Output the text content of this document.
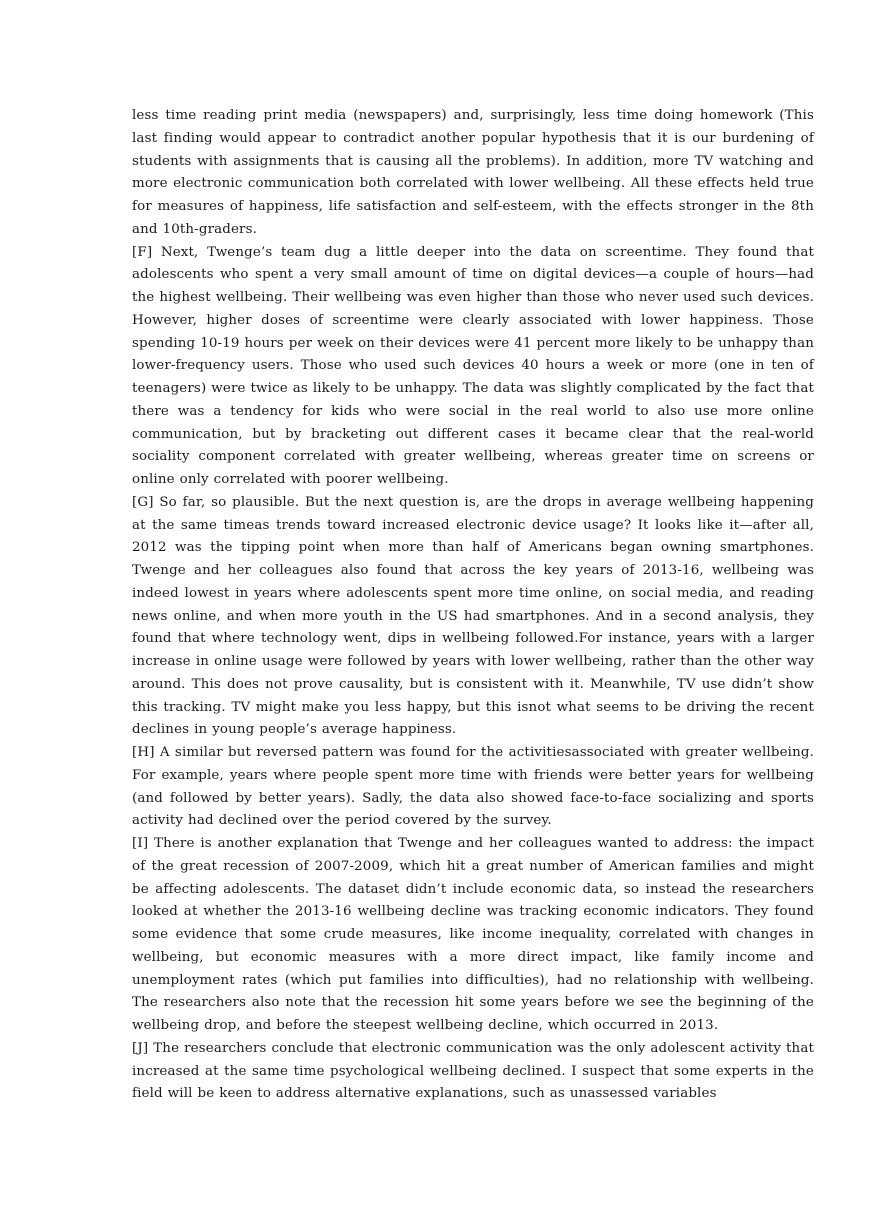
less time reading print media (newspapers) and, surprisingly, less time doing homework (This last finding would appear to contradict another popular hypothesis that it is our burdening of students with assignments that is causing all the problems). In addition, more TV watching and more electronic communication both correlated with lower wellbeing. All these effects held true for measures of happiness, life satisfaction and self-esteem, with the effects stronger in the 8th and 10th-graders.

[F] Next, Twenge’s team dug a little deeper into the data on screentime. They found that adolescents who spent a very small amount of time on digital devices—a couple of hours—had the highest wellbeing. Their wellbeing was even higher than those who never used such devices. However, higher doses of screentime were clearly associated with lower happiness. Those spending 10-19 hours per week on their devices were 41 percent more likely to be unhappy than lower-frequency users. Those who used such devices 40 hours a week or more (one in ten of teenagers) were twice as likely to be unhappy. The data was slightly complicated by the fact that there was a tendency for kids who were social in the real world to also use more online communication, but by bracketing out different cases it became clear that the real-world sociality component correlated with greater wellbeing, whereas greater time on screens or online only correlated with poorer wellbeing.

[G] So far, so plausible. But the next question is, are the drops in average wellbeing happening at the same timeas trends toward increased electronic device usage? It looks like it—after all, 2012 was the tipping point when more than half of Americans began owning smartphones. Twenge and her colleagues also found that across the key years of 2013-16, wellbeing was indeed lowest in years where adolescents spent more time online, on social media, and reading news online, and when more youth in the US had smartphones. And in a second analysis, they found that where technology went, dips in wellbeing followed.For instance, years with a larger increase in online usage were followed by years with lower wellbeing, rather than the other way around. This does not prove causality, but is consistent with it. Meanwhile, TV use didn’t show this tracking. TV might make you less happy, but this isnot what seems to be driving the recent declines in young people’s average happiness.

[H] A similar but reversed pattern was found for the activitiesassociated with greater wellbeing. For example, years where people spent more time with friends were better years for wellbeing (and followed by better years). Sadly, the data also showed face-to-face socializing and sports activity had declined over the period covered by the survey.

[I] There is another explanation that Twenge and her colleagues wanted to address: the impact of the great recession of 2007-2009, which hit a great number of American families and might be affecting adolescents. The dataset didn’t include economic data, so instead the researchers looked at whether the 2013-16 wellbeing decline was tracking economic indicators. They found some evidence that some crude measures, like income inequality, correlated with changes in wellbeing, but economic measures with a more direct impact, like family income and unemployment rates (which put families into difficulties), had no relationship with wellbeing. The researchers also note that the recession hit some years before we see the beginning of the wellbeing drop, and before the steepest wellbeing decline, which occurred in 2013.

[J] The researchers conclude that electronic communication was the only adolescent activity that increased at the same time psychological wellbeing declined. I suspect that some experts in the field will be keen to address alternative explanations, such as unassessed variables
